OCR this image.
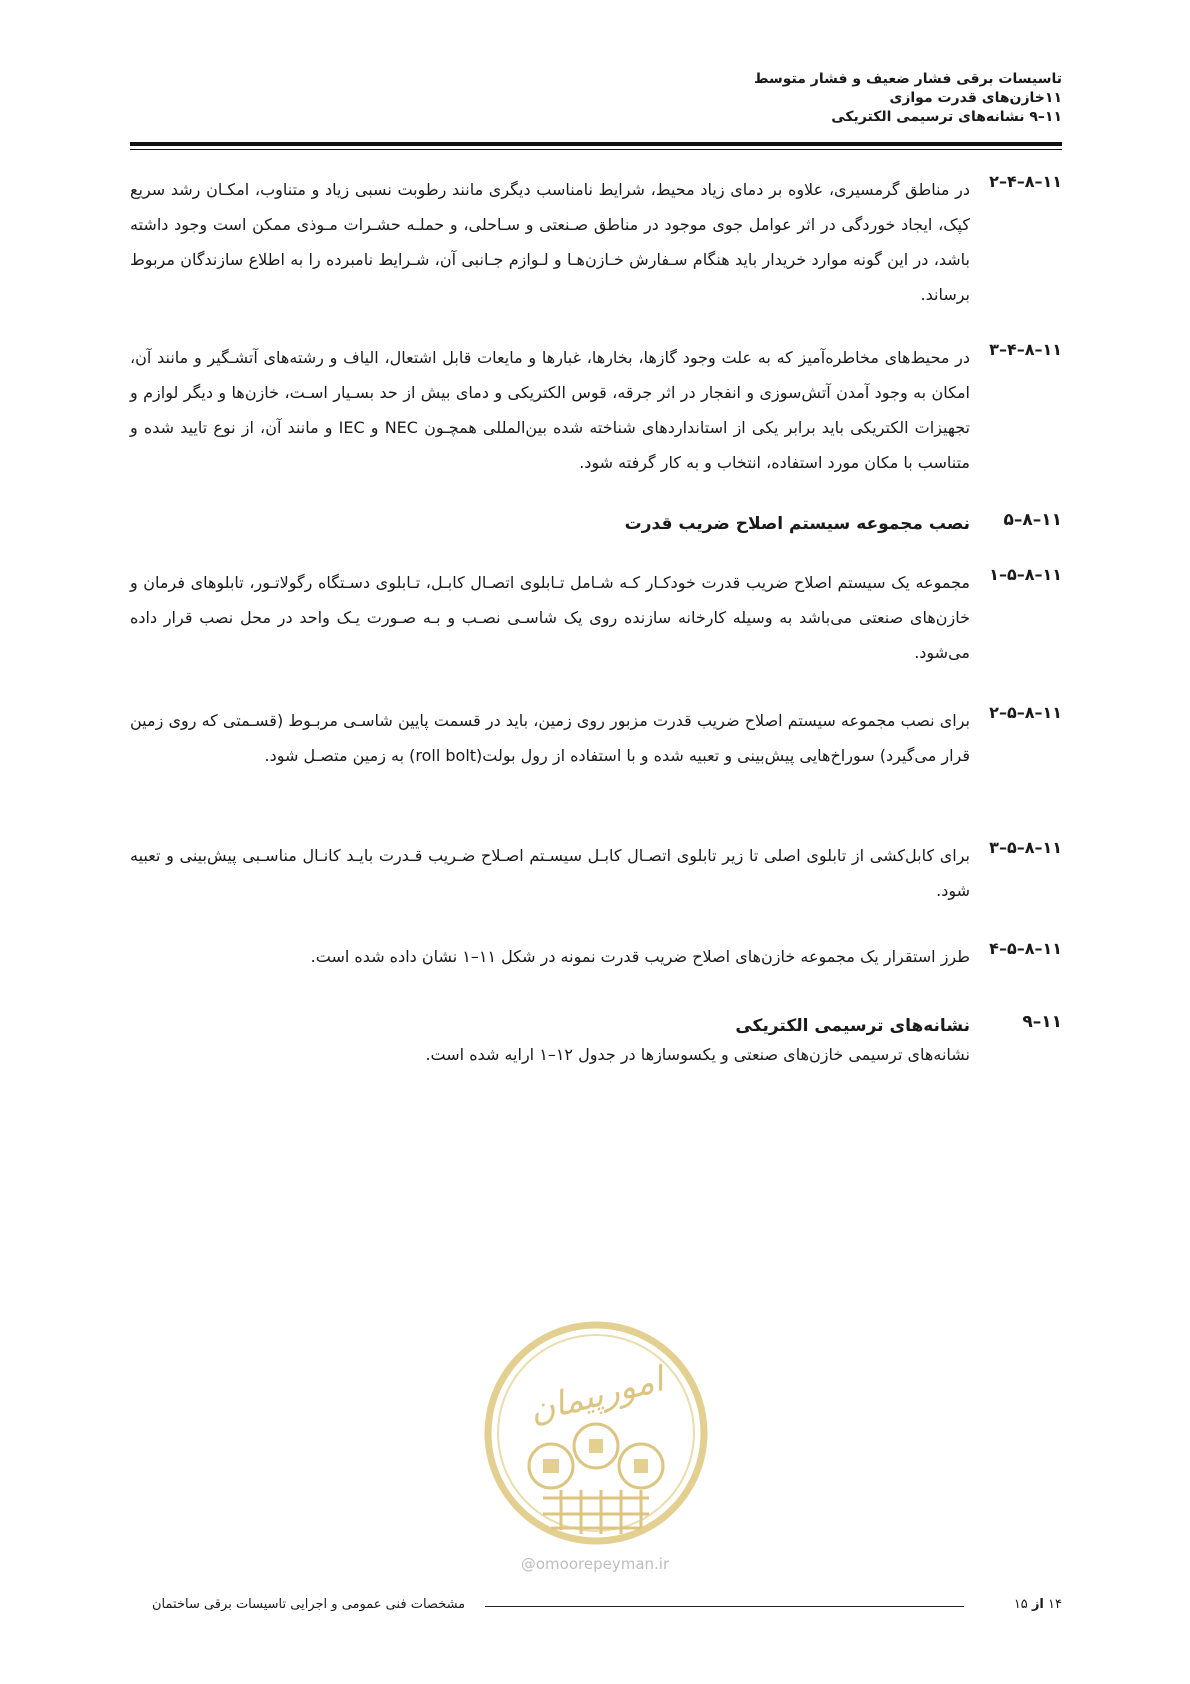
تاسیسات برقی فشار ضعیف و فشار متوسط
۱۱خازن‌های قدرت موازی
۱۱–۹ نشانه‌های ترسیمی الکتریکی
۱۱–۸–۴–۲
در مناطق گرمسیری، علاوه بر دمای زیاد محیط، شرایط نامناسب دیگری مانند رطوبت نسبی زیاد و متناوب، امکـان رشد سریع کپک، ایجاد خوردگی در اثر عوامل جوی موجود در مناطق صـنعتی و سـاحلی، و حملـه حشـرات مـوذی ممکن است وجود داشته باشد، در این گونه موارد خریدار باید هنگام سـفارش خـازن‌هـا و لـوازم جـانبی آن، شـرایط نامبرده را به اطلاع سازندگان مربوط برساند.
۱۱–۸–۴–۳
در محیط‌های مخاطره‌آمیز که به علت وجود گازها، بخارها، غبارها و مایعات قابل اشتعال، الیاف و رشته‌های آتشـگیر و مانند آن، امکان به وجود آمدن آتش‌سوزی و انفجار در اثر جرقه، قوس الکتریکی و دمای بیش از حد بسـیار اسـت، خازن‌ها و دیگر لوازم و تجهیزات الکتریکی باید برابر یکی از استانداردهای شناخته شده بین‌المللی همچـون NEC و IEC و مانند آن، از نوع تایید شده و متناسب با مکان مورد استفاده، انتخاب و به کار گرفته شود.
۱۱–۸–۵
نصب مجموعه سیستم اصلاح ضریب قدرت
۱۱–۸–۵–۱
مجموعه یک سیستم اصلاح ضریب قدرت خودکـار کـه شـامل تـابلوی اتصـال کابـل، تـابلوی دسـتگاه رگولاتـور، تابلوهای فرمان و خازن‌های صنعتی می‌باشد به وسیله کارخانه سازنده روی یک شاسـی نصـب و بـه صـورت یـک واحد در محل نصب قرار داده می‌شود.
۱۱–۸–۵–۲
برای نصب مجموعه سیستم اصلاح ضریب قدرت مزبور روی زمین، باید در قسمت پایین شاسـی مربـوط (قسـمتی که روی زمین قرار می‌گیرد) سوراخ‌هایی پیش‌بینی و تعبیه شده و با استفاده از رول بولت(roll bolt) به زمین متصـل شود.
۱۱–۸–۵–۳
برای کابل‌کشی از تابلوی اصلی تا زیر تابلوی اتصـال کابـل سیسـتم اصـلاح ضـریب قـدرت بایـد کانـال مناسـبی پیش‌بینی و تعبیه شود.
۱۱–۸–۵–۴
طرز استقرار یک مجموعه خازن‌های اصلاح ضریب قدرت نمونه در شکل ۱۱–۱ نشان داده شده است.
۱۱–۹
نشانه‌های ترسیمی الکتریکی
نشانه‌های ترسیمی خازن‌های صنعتی و یکسوسازها در جدول ۱۲–۱ ارایه شده است.
امورپیمان
@omoorepeyman.ir
۱۴ از ۱۵
مشخصات فنی عمومی و اجرایی تاسیسات برقی ساختمان
